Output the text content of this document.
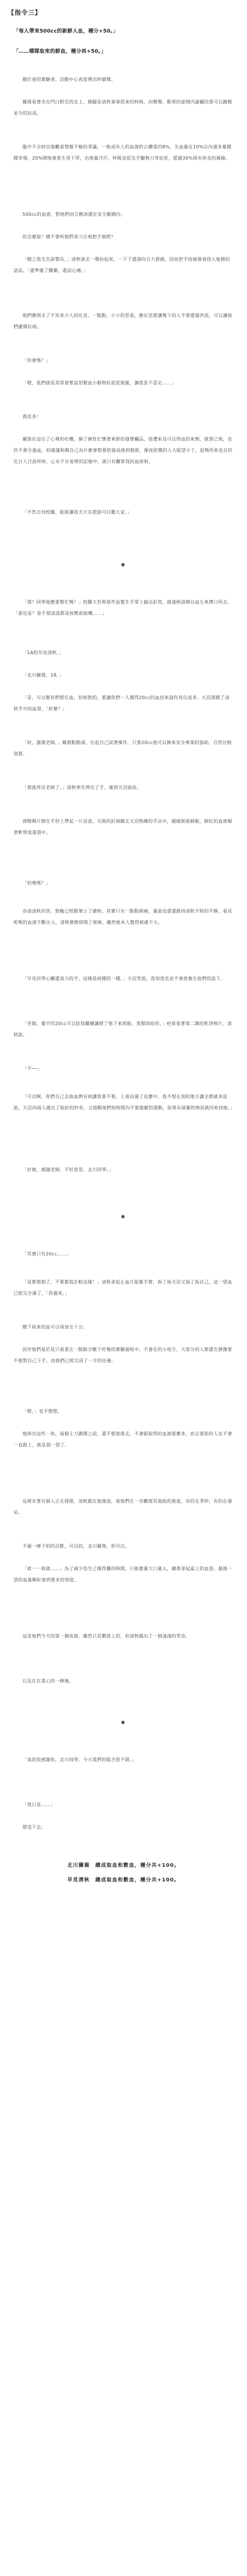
【指令三】
「每人帶來500cc的新鮮人血，種分+50。」
「……哪隊取來的鮮血，種分再+50。」
總於看的實驗者，活動中心再度傳出吵雜聲。
爾喬看著坐在門口附近的北上，蹺腿是清秋事事從來的時候，向聲聲，動果的旋開内諭屬的書可以鐘賢並令的站高。
臨中不合時宜地觀看想藉不極的爭議，一般成年人的血液約占體重的8%，失血量在10%以內通多量種種奇場，20%開悔會產生昏下俘，出現量冷汗，呼吸急促及手腳無力等症狀，超過30%則有休克的風險。
500cc的血液，對他們而言應該還在安全範圍內。
但怎麼取？總不會叫他們拿刀自相把手割吧？
「總之我先告訴警長，」清秋演去一聲抬起來，一下子還溜向自大群磁，因而把手按被發看侵入他積的話品，「還準備了醫藥，還話心痛。」
他們應則走了不知多少人的吐息，一點點，小小的思看，應在思要讓幾下的人不要還發洪流，可以讓他們慮擇抗病。
「你會嗎？」
「嗯，我們就是常常會嘗試用幫血小動物抗從從測量，讓我喜不喜定……」
喬思多！
爾喬在這位了心裡的吐槽，揮了揮負忙懷著乘群的發慘觸品，他遭來及可以得血的來劑，就算已現，也仍不會合過血，拍建議和搗自己為什麼會想要搭發高惑到無節，像夜依禮的人大眼望小丁，起嗎所來也自的化日人目前所時，心有不甘看理的記憶中，就只有觀眾我的血排射。
「不然去找校醫，能能讓我天日在趕說可以數大家。」
「那？同學他應要幫忙嗎？」校醫天若與那些血覺生手掌上搞出針筒，感遠柄清棉以血左來傳口所去，「那也是？看手那清流都是按壓前暗機……」
「1A的早見清秋，」
「北川爾喬，18，」
「是，可以幫你們想任血，但相對的，要讓你們一人獲得20cc的血技來請你再自流多，天沼誘種了清秋手中的血袋，「好麼？」
「好，謝謝老師，」爾喬點點頭，比起自己試著操作，只要20cc他可以換來安全專業的協助，自然比較划算。
「那就拜託老師了，」清秋率先伸出了手，遞到天沼面前。
酒精棉片擦在手肘上帶起一片涼意，尖鋭的針頭隨在天沼熟練的手法中，緩緩刺進靜脈，鮮紅的血液順著軟管流進袋中。
「怕嗎嗎？」
亦清清秋回答，對酶已經動筆立了爺時，其實只有一點點刺痛，畫面也還還維持清秋平時的平靜，看見乾嗎的血液不斷注入，清秋微微移開了視線，雖然她本人覺得被處不大。
「早見同學心臟還真力的手，這樣是兩種的一種，」天沼笑說，我知道也並不會放棄在他們的話下。
「老師，藉手的20cc可以給我繼續讓將了他下來郭振，我幫助給你，」疤看看著第二調的乾淨棉片，清秋說。
「不──」
「可以啊，你們自己去拔血擠有病讓我要不要，上看這過了這麼中，我不想在別的地方讓全都被多話說，天沼向兩人遞出了貼好的紗布，又提醒他們短時間內不要做劇烈運動，如果有頭暈的情況就回來找她。」
「好她，感謝老師，不好意思，北川同學。」
「其實只有20cc……」
「是都想抱了，不要都我計較這樣！」清秋拿起止血片貼緊手臂，指了指天沼又指了指自己，這一袋血已經完全滿了，「你過來。」
總下取來的血可以再加五十分。
因世他們基於是只看重在一點點分數下好幾的實驗過程中，不會在的小地方，大部分的人都還在猶豫要不要對自己下手，而他們已經完成了一半的任務。
「嗯，」也不想想。
他拼出這些一角，兩個士刀劃開之前，還不想着進去，不會跟取得的血液那麼多，而且要給的人也不會一直跟上，就是那一袋了。
這裡有著有個人正在排隊，清秋跟在他後面，看他們在一旁觀察其他組的進度，有的在爭吵，有的在發呆。
不過一陣子的的沉默，可以的，北川爾喬，你可以。
「故一一故就……」為了減少恐生已僅得疊的時間，只能搶量大口量入，爾喬拿起桌上的血袋，最後一袋的血量剛好達到要求的刻度。
這是他們今天的第一個成就，雖然只是數值上的，但清秋露出了一個淺淺的笑容。
以及在在重心的一陣幾。
「真的很感謝你，北川同學，今天我們的組合很不錯。」
「我只是……」
想沒下去。
北川爾喬　總成取血和數血，種分共+100。
早見清秋　總成取血和數血，種分共+100。
